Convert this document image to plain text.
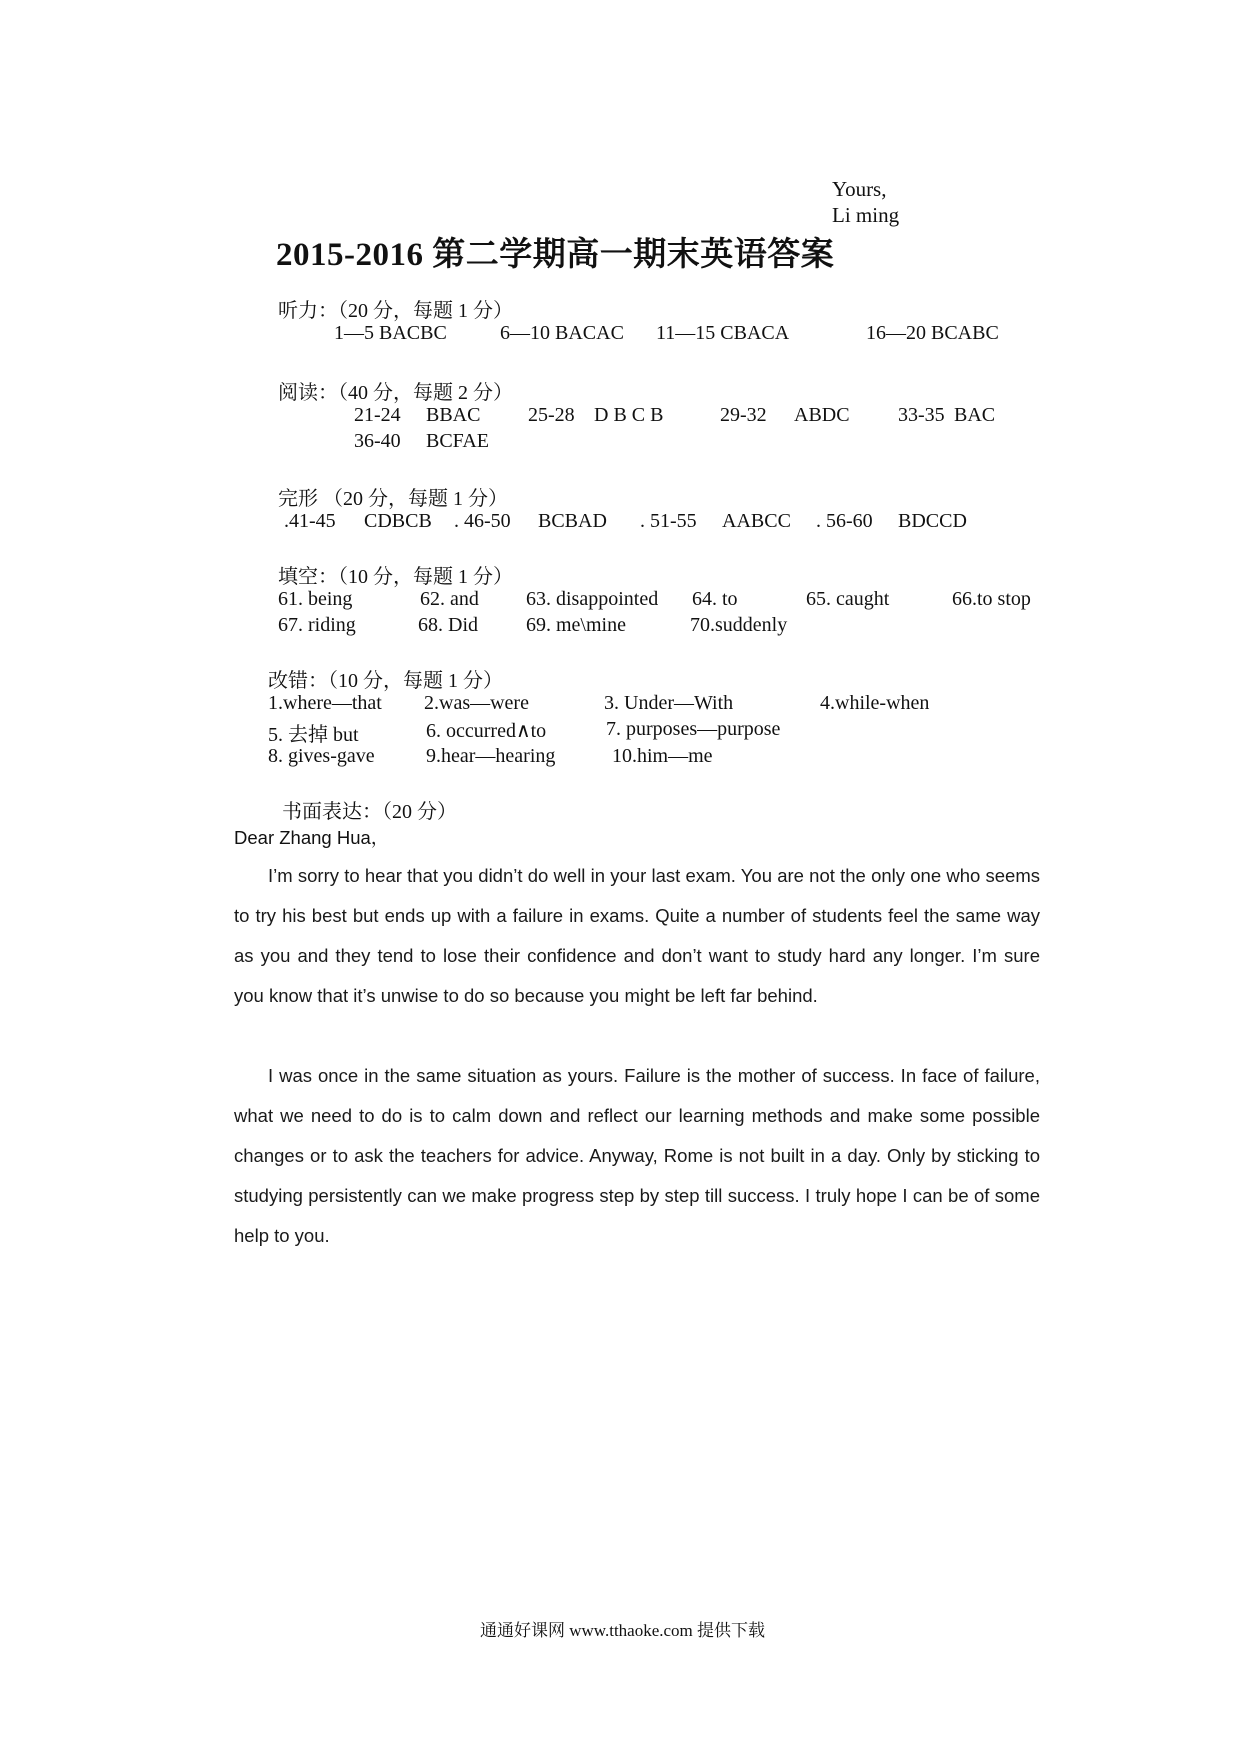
Yours,
Li ming
2015-2016 第二学期高一期末英语答案
听力：（20 分，每题 1 分）
1—5 BACBC	6—10 BACAC 11—15 CBACA	16—20 BCABC
阅读：（40 分，每题 2 分）
21-24 BBAC 25-28 D B C B	29-32 ABDC 33-35 BAC
36-40 BCFAE
完形 （20 分，每题 1 分）
.41-45 CDBCB . 46-50 BCBAD . 51-55 AABCC . 56-60 BDCCD
填空：（10 分，每题 1 分）
61. being	62. and 63. disappointed 64. to	65. caught	66.to stop
67. riding	68. Did 69. me\mine	70.suddenly
改错：（10 分，每题 1 分）
1.where—that 2.was—were	3. Under—With	4.while-when
5. 去掉 but	6. occurred∧to	7. purposes—purpose
8. gives-gave	9.hear—hearing	10.him—me
书面表达：（20 分）
Dear Zhang Hua，

I’m sorry to hear that you didn’t do well in your last exam. You are not the only one who seems to try his best but ends up with a failure in exams. Quite a number of students feel the same way as you and they tend to lose their confidence and don’t want to study hard any longer. I’m sure you know that it’s unwise to do so because you might be left far behind.

I was once in the same situation as yours. Failure is the mother of success. In face of failure, what we need to do is to calm down and reflect our learning methods and make some possible changes or to ask the teachers for advice. Anyway, Rome is not built in a day. Only by sticking to studying persistently can we make progress step by step till success. I truly hope I can be of some help to you.

通通好课网 www.tthaoke.com 提供下载
